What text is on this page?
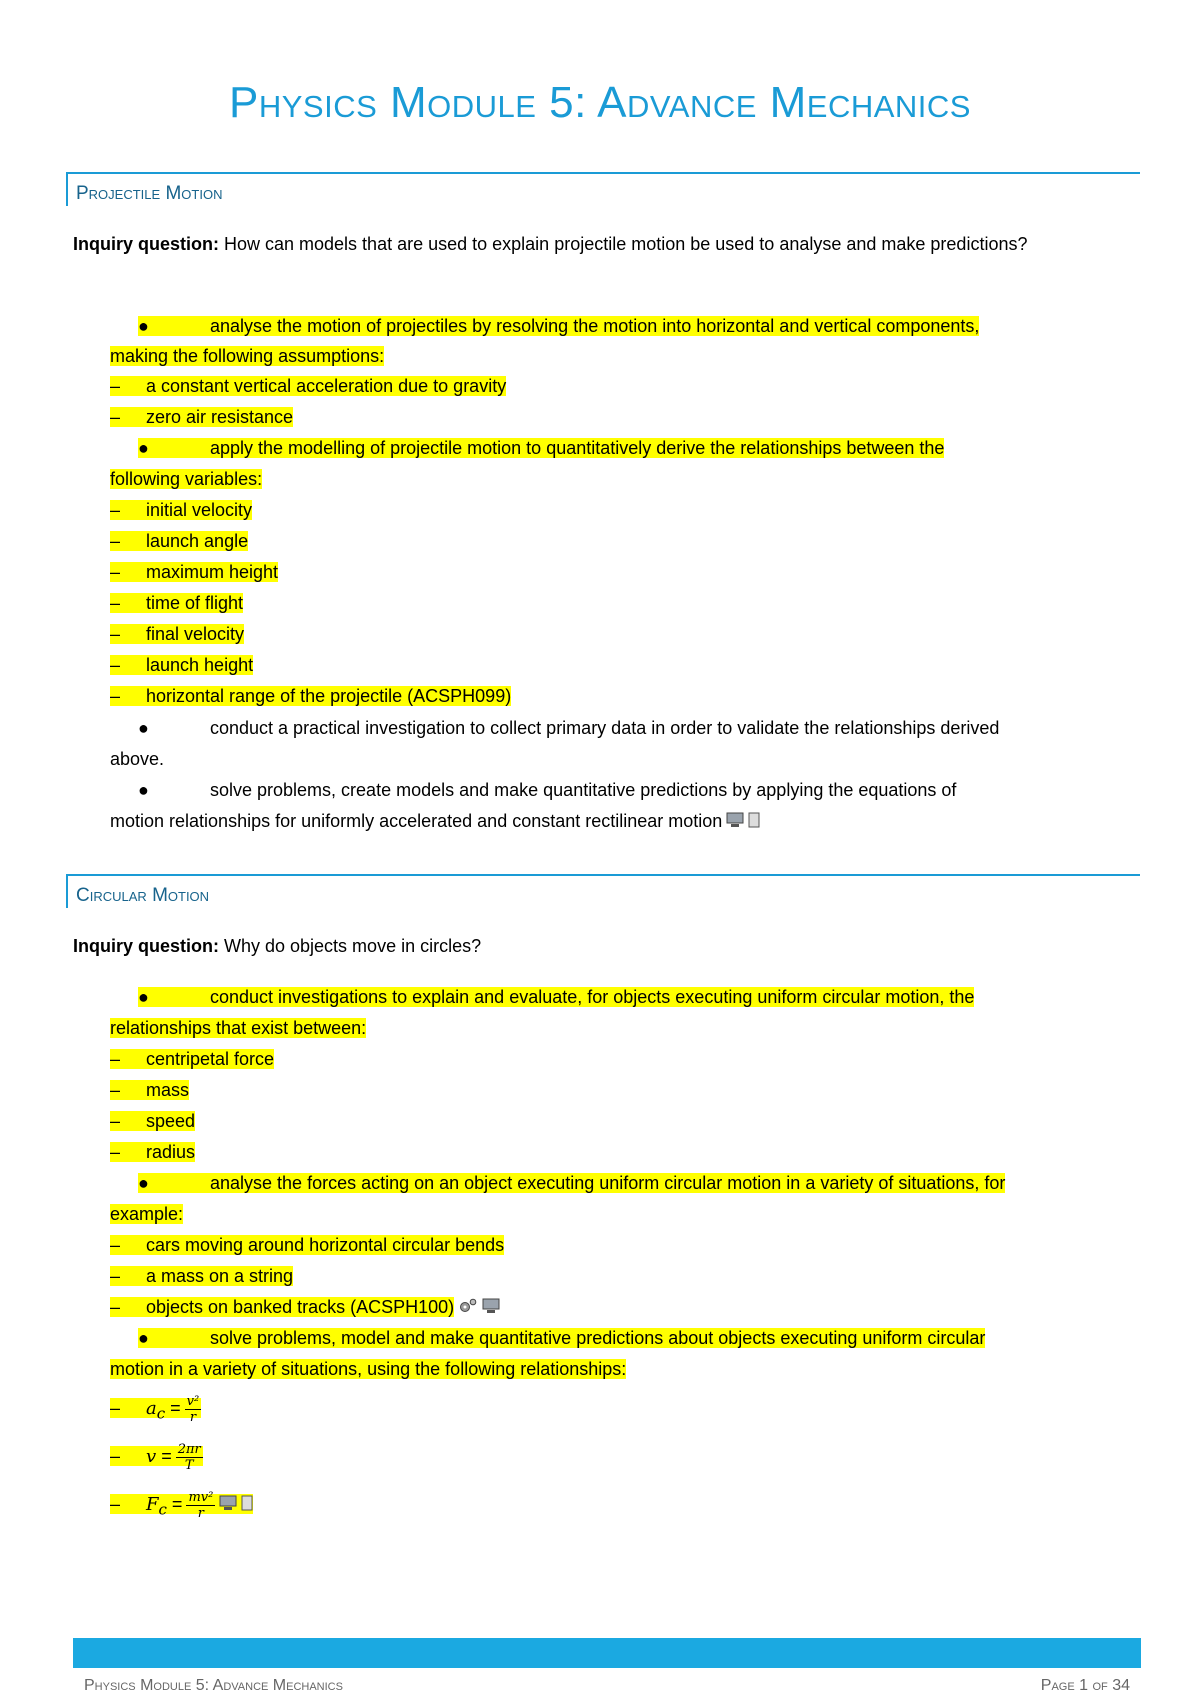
Physics Module 5: Advance Mechanics
Projectile Motion
Inquiry question: How can models that are used to explain projectile motion be used to analyse and make predictions?
●	analyse the motion of projectiles by resolving the motion into horizontal and vertical components,
making the following assumptions:
– a constant vertical acceleration due to gravity
– zero air resistance
●	apply the modelling of projectile motion to quantitatively derive the relationships between the
following variables:
– initial velocity
– launch angle
– maximum height
– time of flight
– final velocity
– launch height
– horizontal range of the projectile (ACSPH099)
●	conduct a practical investigation to collect primary data in order to validate the relationships derived
above.
●	solve problems, create models and make quantitative predictions by applying the equations of
motion relationships for uniformly accelerated and constant rectilinear motion
Circular Motion
Inquiry question: Why do objects move in circles?
●	conduct investigations to explain and evaluate, for objects executing uniform circular motion, the
relationships that exist between:
– centripetal force
– mass
– speed
– radius
●	analyse the forces acting on an object executing uniform circular motion in a variety of situations, for
example:
– cars moving around horizontal circular bends
– a mass on a string
– objects on banked tracks (ACSPH100)
●	solve problems, model and make quantitative predictions about objects executing uniform circular
motion in a variety of situations, using the following relationships:
– $a_c = \frac{\text{v²}}{r}$
– $v = \frac{2\pi r}{T}$
– $F_c = \frac{\text{mv²}}{r}$
Physics Module 5: Advance Mechanics	Page 1 of 34
